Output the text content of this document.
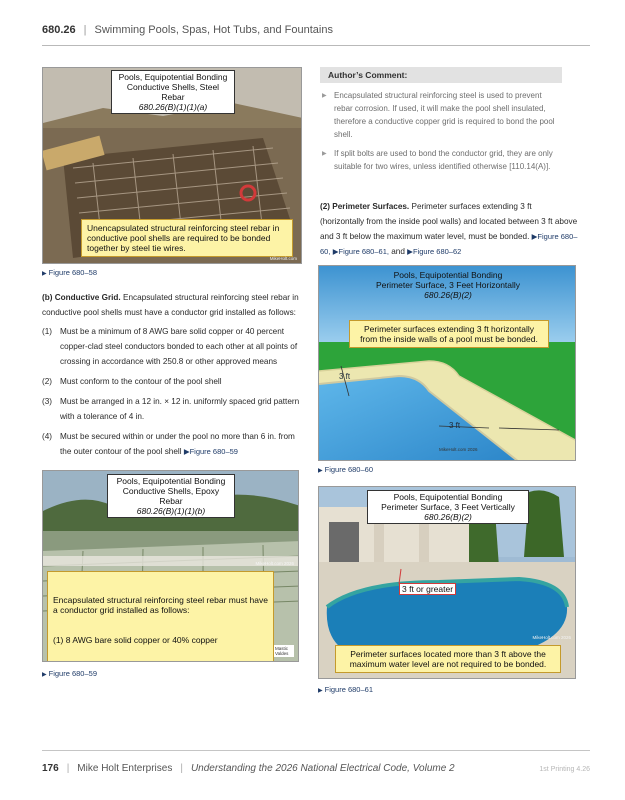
680.26 | Swimming Pools, Spas, Hot Tubs, and Fountains
Pools, Equipotential Bonding
Conductive Shells, Steel Rebar
680.26(B)(1)(1)(a)
Unencapsulated structural reinforcing steel rebar in conductive pool shells are required to be bonded together by steel tie wires.
MikeHolt.com
▶ Figure 680–58
Author’s Comment:
▶ Encapsulated structural reinforcing steel is used to prevent rebar corrosion. If used, it will make the pool shell insulated, therefore a conductive copper grid is required to bond the pool shell.
▶ If split bolts are used to bond the conductor grid, they are only suitable for two wires, unless identified otherwise [110.14(A)].
(2) Perimeter Surfaces. Perimeter surfaces extending 3 ft (horizontally from the inside pool walls) and located between 3 ft above and 3 ft below the maximum water level, must be bonded. ▶Figure 680–60, ▶Figure 680–61, and ▶Figure 680–62
(b) Conductive Grid. Encapsulated structural reinforcing steel rebar in conductive pool shells must have a conductor grid installed as follows:
(1) Must be a minimum of 8 AWG bare solid copper or 40 percent copper-clad steel conductors bonded to each other at all points of crossing in accordance with 250.8 or other approved means
(2) Must conform to the contour of the pool shell
(3) Must be arranged in a 12 in. × 12 in. uniformly spaced grid pattern with a tolerance of 4 in.
(4) Must be secured within or under the pool no more than 6 in. from the outer contour of the pool shell ▶Figure 680–59
Pools, Equipotential Bonding
Conductive Shells, Epoxy Rebar
680.26(B)(1)(1)(b)

Encapsulated structural reinforcing steel rebar must have a conductor grid installed as follows:

(1) 8 AWG bare solid copper or 40% copper

MikeHolt.com 2026
Mastic Valdes
▶ Figure 680–59
Pools, Equipotential Bonding
Perimeter Surface, 3 Feet Horizontally
680.26(B)(2)
Perimeter surfaces extending 3 ft horizontally from the inside walls of a pool must be bonded.
3 ft
3 ft
MikeHolt.com 2026
▶ Figure 680–60
Pools, Equipotential Bonding
Perimeter Surface, 3 Feet Vertically
680.26(B)(2)
3 ft or greater
Perimeter surfaces located more than 3 ft above the maximum water level are not required to be bonded.
MikeHolt.com 2026
▶ Figure 680–61
176 | Mike Holt Enterprises | Understanding the 2026 National Electrical Code, Volume 2	1st Printing 4.26
